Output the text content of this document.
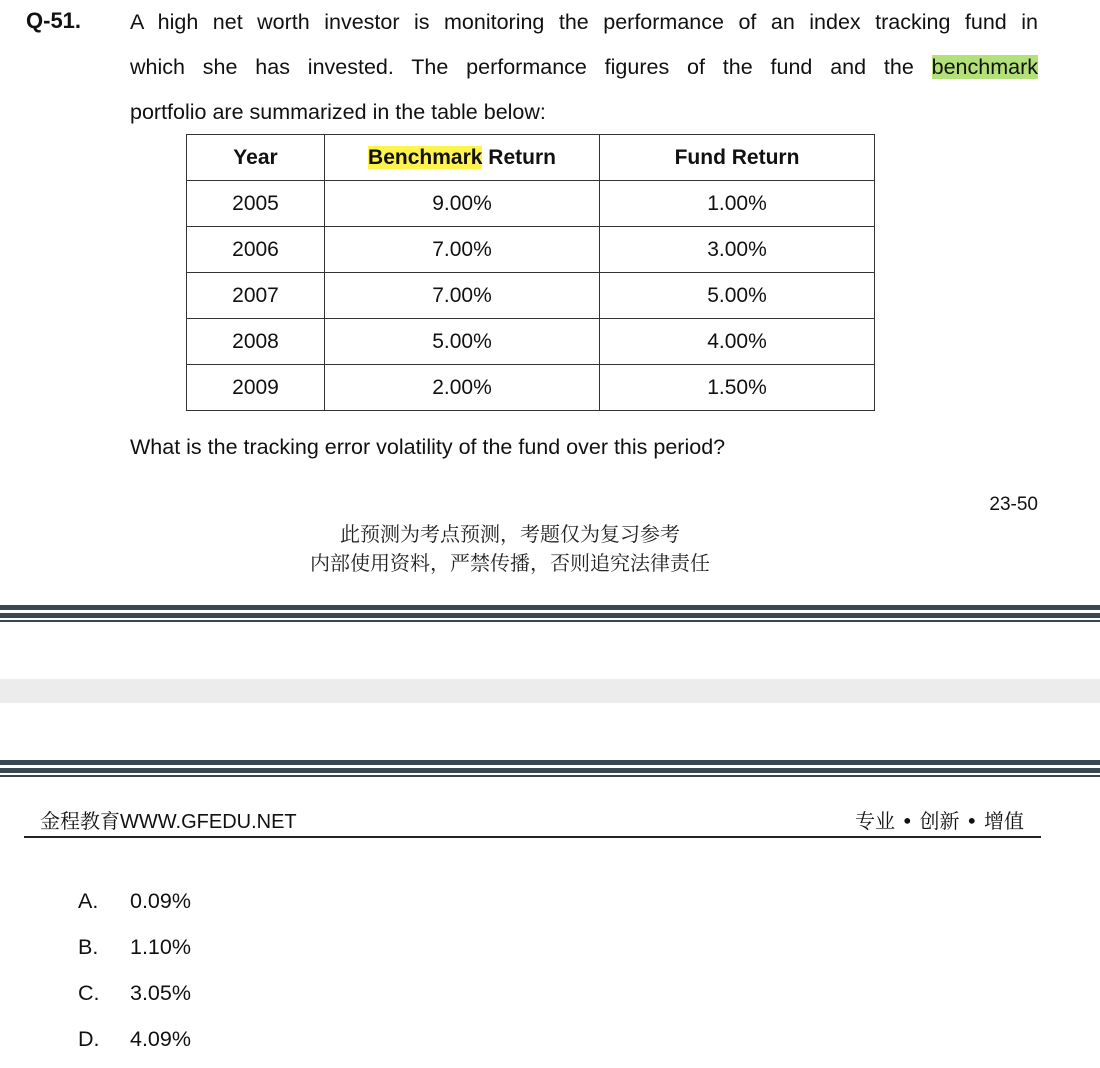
Q-51. A high net worth investor is monitoring the performance of an index tracking fund in
which she has invested. The performance figures of the fund and the benchmark
portfolio are summarized in the table below:
Year	Benchmark Return	Fund Return
2005	9.00%	1.00%
2006	7.00%	3.00%
2007	7.00%	5.00%
2008	5.00%	4.00%
2009	2.00%	1.50%
What is the tracking error volatility of the fund over this period?
23-50
此预测为考点预测，考题仅为复习参考
内部使用资料，严禁传播，否则追究法律责任
金程教育WWW.GFEDU.NET	专业 • 创新 • 增值
A.	0.09%
B.	1.10%
C.	3.05%
D.	4.09%
